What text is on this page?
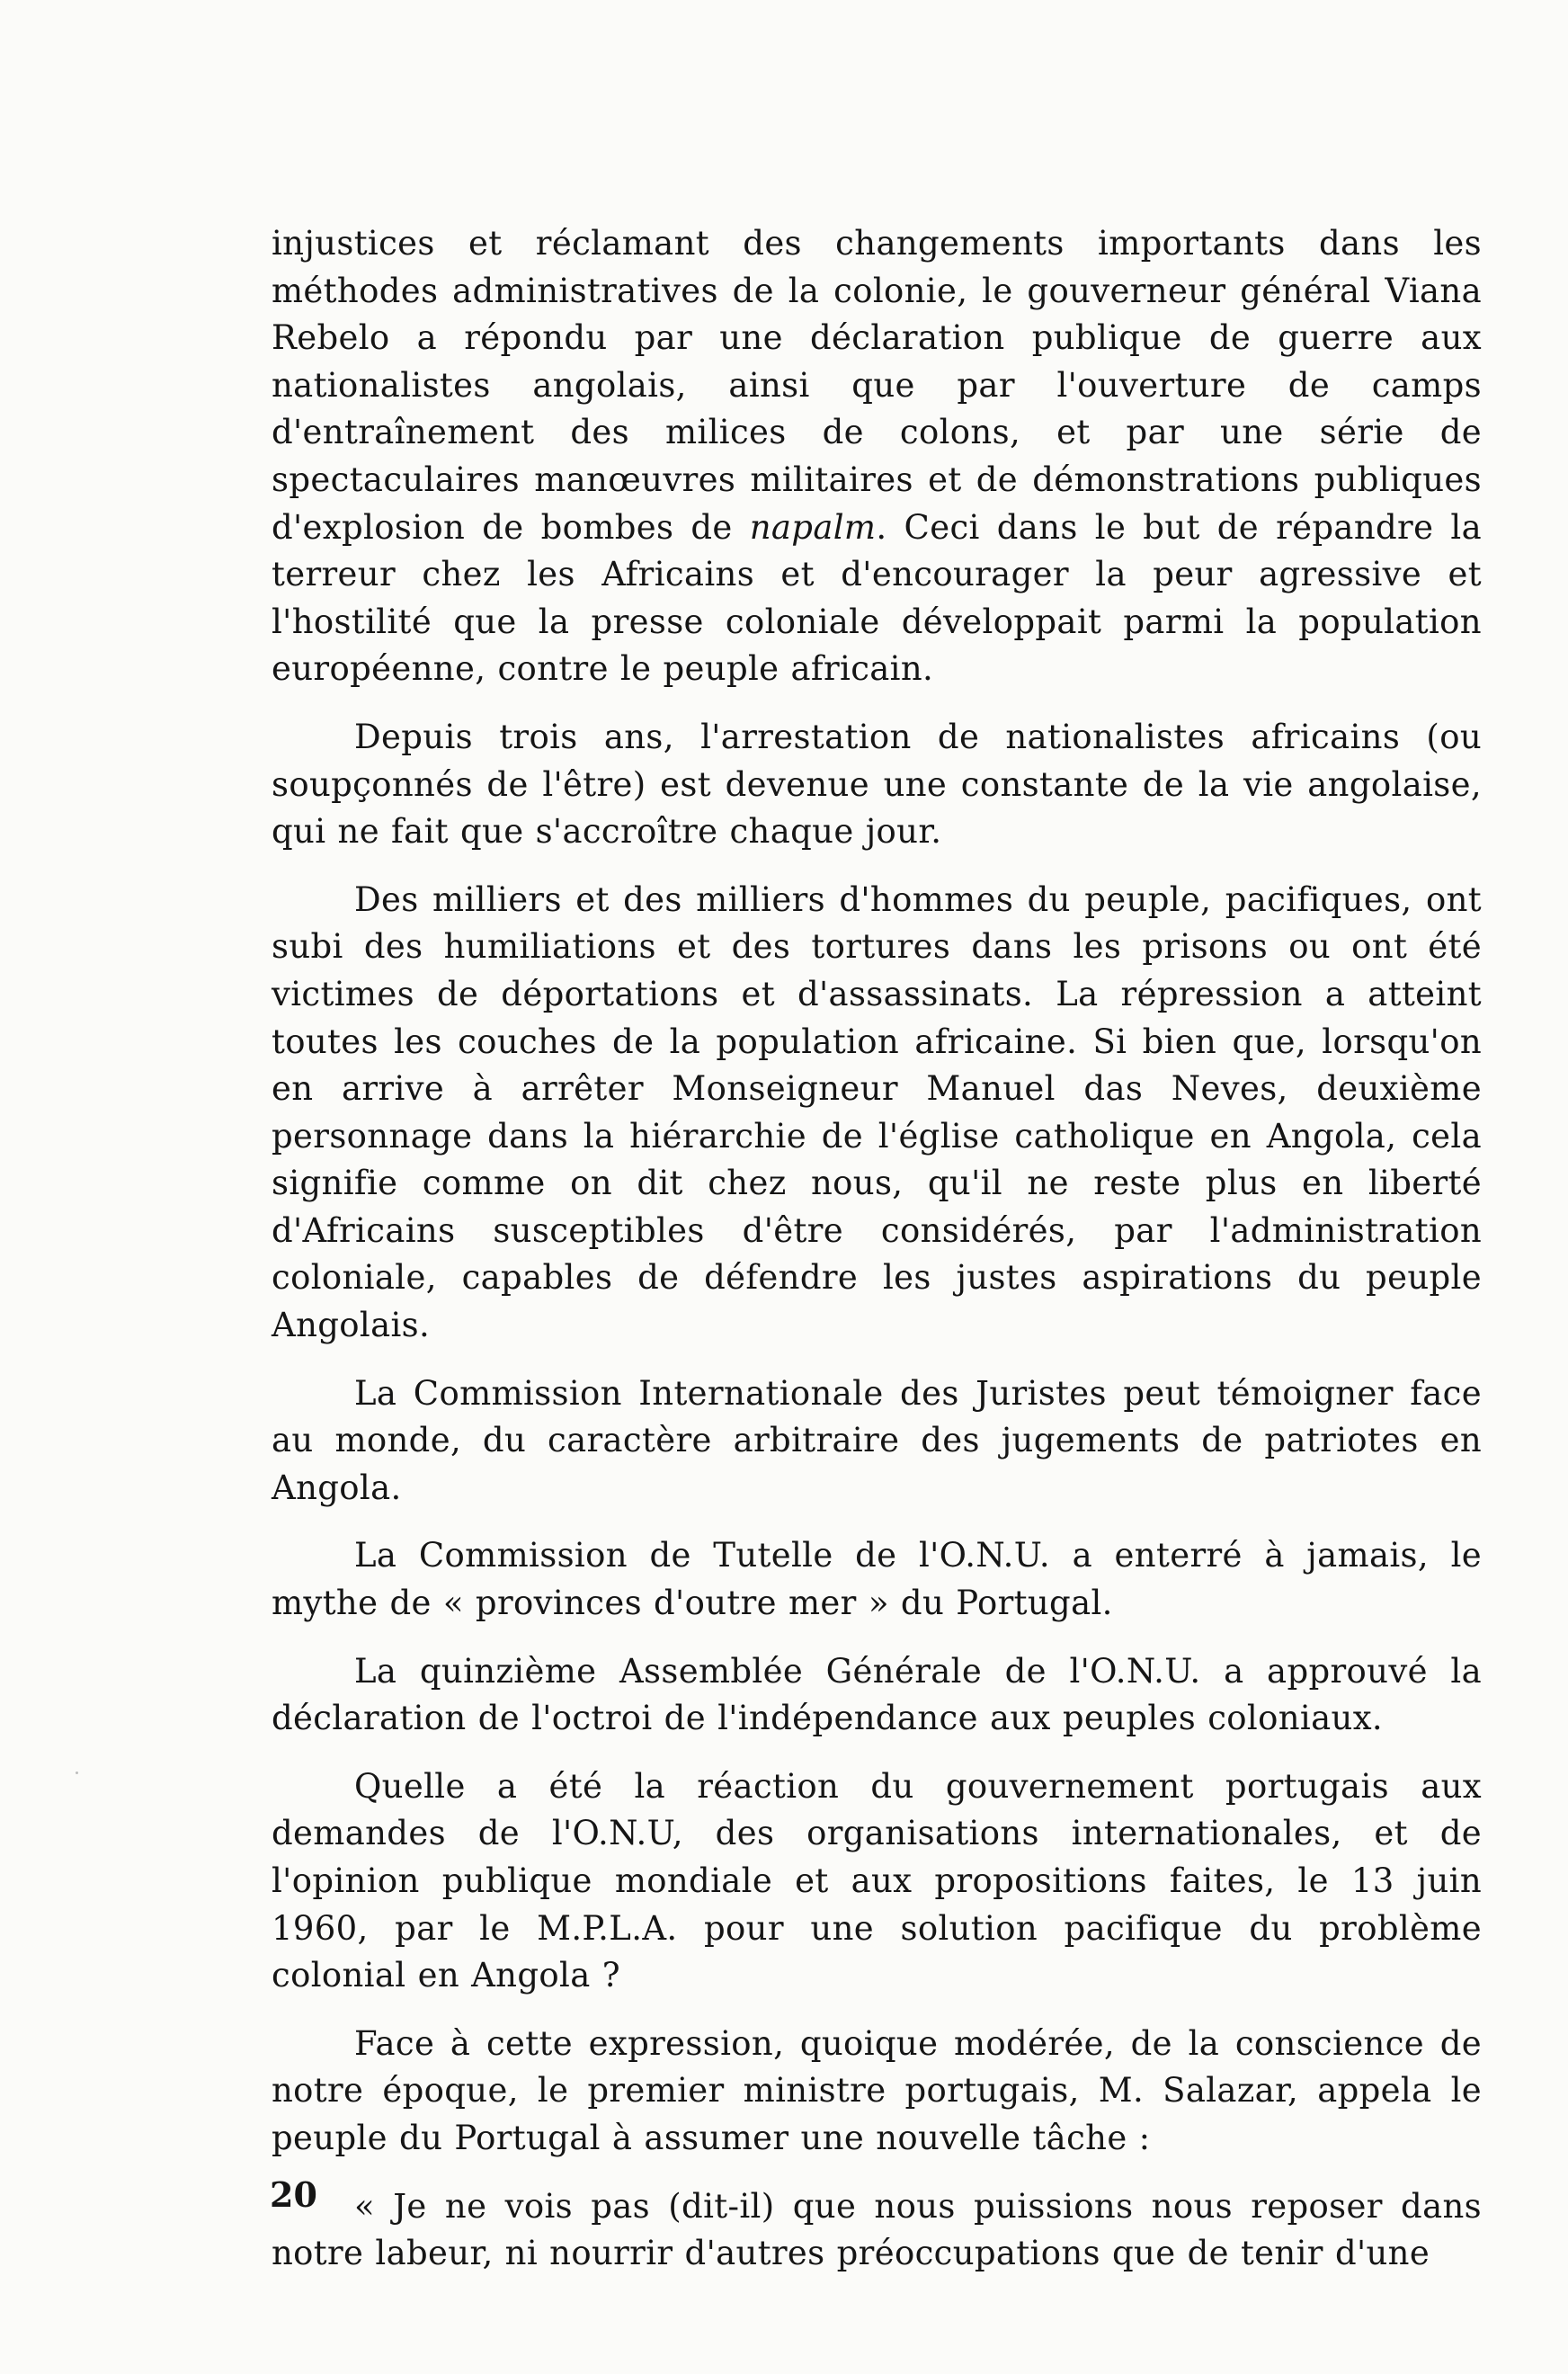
injustices et réclamant des changements importants dans les méthodes administratives de la colonie, le gouverneur général Viana Rebelo a répondu par une déclaration publique de guerre aux nationalistes angolais, ainsi que par l'ouverture de camps d'entraînement des milices de colons, et par une série de spectaculaires manœuvres militaires et de démonstrations publiques d'explosion de bombes de napalm. Ceci dans le but de répandre la terreur chez les Africains et d'encourager la peur agressive et l'hostilité que la presse coloniale développait parmi la population européenne, contre le peuple africain.

Depuis trois ans, l'arrestation de nationalistes africains (ou soupçonnés de l'être) est devenue une constante de la vie angolaise, qui ne fait que s'accroître chaque jour.

Des milliers et des milliers d'hommes du peuple, pacifiques, ont subi des humiliations et des tortures dans les prisons ou ont été victimes de déportations et d'assassinats. La répression a atteint toutes les couches de la population africaine. Si bien que, lorsqu'on en arrive à arrêter Monseigneur Manuel das Neves, deuxième personnage dans la hiérarchie de l'église catholique en Angola, cela signifie comme on dit chez nous, qu'il ne reste plus en liberté d'Africains susceptibles d'être considérés, par l'administration coloniale, capables de défendre les justes aspirations du peuple Angolais.

La Commission Internationale des Juristes peut témoigner face au monde, du caractère arbitraire des jugements de patriotes en Angola.

La Commission de Tutelle de l'O.N.U. a enterré à jamais, le mythe de « provinces d'outre mer » du Portugal.

La quinzième Assemblée Générale de l'O.N.U. a approuvé la déclaration de l'octroi de l'indépendance aux peuples coloniaux.

Quelle a été la réaction du gouvernement portugais aux demandes de l'O.N.U, des organisations internationales, et de l'opinion publique mondiale et aux propositions faites, le 13 juin 1960, par le M.P.L.A. pour une solution pacifique du problème colonial en Angola ?

Face à cette expression, quoique modérée, de la conscience de notre époque, le premier ministre portugais, M. Salazar, appela le peuple du Portugal à assumer une nouvelle tâche :

« Je ne vois pas (dit-il) que nous puissions nous reposer dans notre labeur, ni nourrir d'autres préoccupations que de tenir d'une

20
